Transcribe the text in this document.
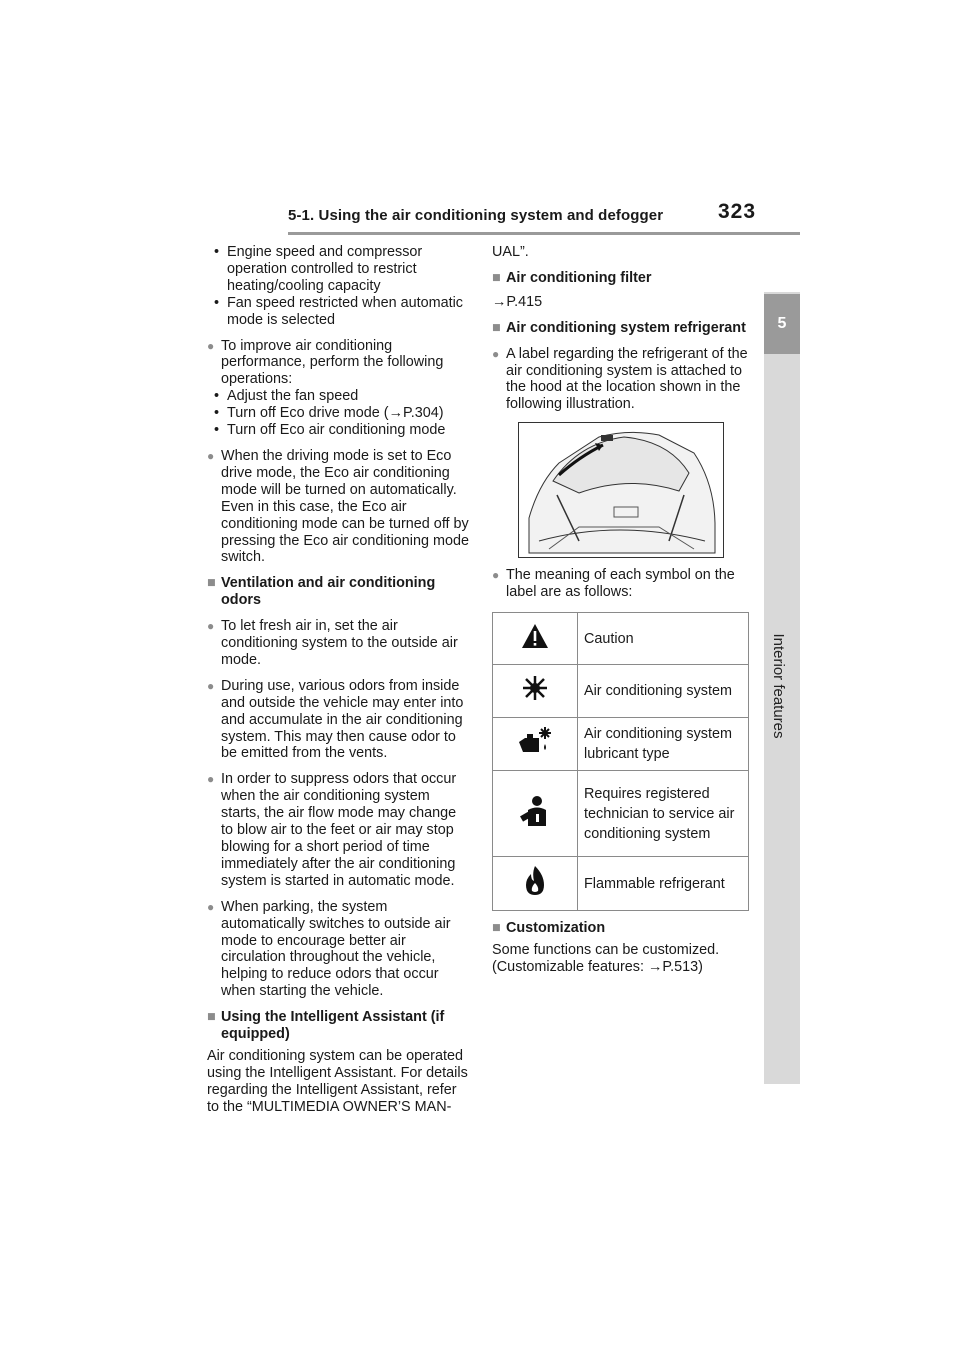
5-1. Using the air conditioning system and defogger	323
5
Interior features
• Engine speed and compressor operation controlled to restrict heating/cooling capacity
• Fan speed restricted when automatic mode is selected
● To improve air conditioning performance, perform the following operations:
• Adjust the fan speed
• Turn off Eco drive mode (→P.304)
• Turn off Eco air conditioning mode
● When the driving mode is set to Eco drive mode, the Eco air conditioning mode will be turned on automatically. Even in this case, the Eco air conditioning mode can be turned off by pressing the Eco air conditioning mode switch.
■ Ventilation and air conditioning odors
● To let fresh air in, set the air conditioning system to the outside air mode.
● During use, various odors from inside and outside the vehicle may enter into and accumulate in the air conditioning system. This may then cause odor to be emitted from the vents.
● In order to suppress odors that occur when the air conditioning system starts, the air flow mode may change to blow air to the feet or air may stop blowing for a short period of time immediately after the air conditioning system is started in automatic mode.
● When parking, the system automatically switches to outside air mode to encourage better air circulation throughout the vehicle, helping to reduce odors that occur when starting the vehicle.
■ Using the Intelligent Assistant (if equipped)
Air conditioning system can be operated using the Intelligent Assistant. For details regarding the Intelligent Assistant, refer to the “MULTIMEDIA OWNER’S MAN-
UAL”.
■ Air conditioning filter
→P.415
■ Air conditioning system refrigerant
● A label regarding the refrigerant of the air conditioning system is attached to the hood at the location shown in the following illustration.
● The meaning of each symbol on the label are as follows:
	Caution
	Air conditioning system
	Air conditioning system lubricant type
	Requires registered technician to service air conditioning system
	Flammable refrigerant
■ Customization
Some functions can be customized. (Customizable features: →P.513)
